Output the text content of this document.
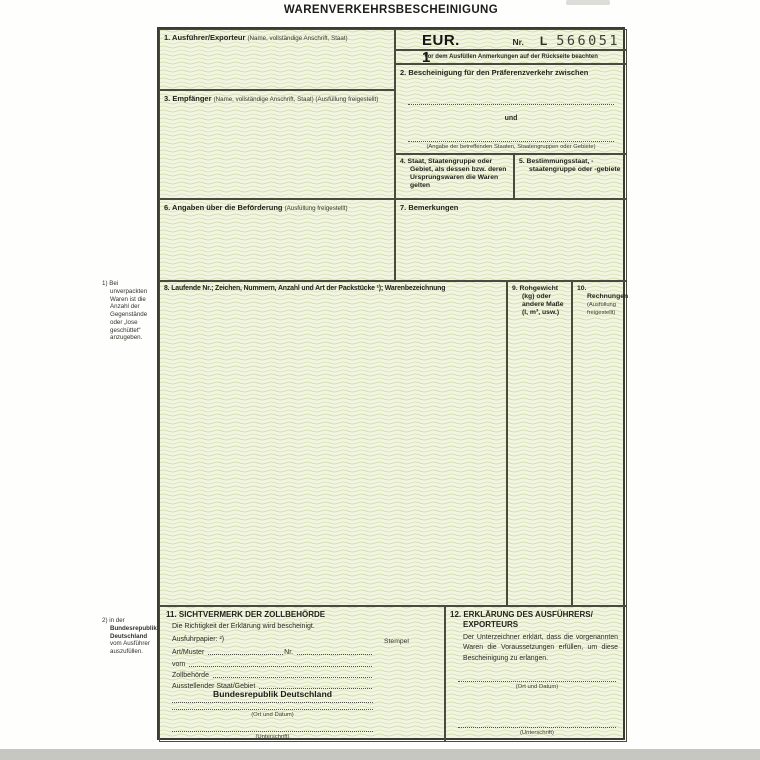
WARENVERKEHRSBESCHEINIGUNG
1. Ausführer/Exporteur (Name, vollständige Anschrift, Staat)	EUR. 1
Nr. L 566051
Vor dem Ausfüllen Anmerkungen auf der Rückseite beachten
2. Bescheinigung für den Präferenzverkehr zwischen
und
(Angabe der betreffenden Staaten, Staatengruppen oder Gebiete)
3. Empfänger (Name, vollständige Anschrift, Staat) (Ausfüllung freigestellt)
4. Staat, Staatengruppe oder Gebiet, als dessen bzw. deren Ursprungswaren die Waren gelten
5. Bestimmungsstaat, -staatengruppe oder -gebiete
6. Angaben über die Beförderung (Ausfüllung freigestellt)	7. Bemerkungen
8. Laufende Nr.; Zeichen, Nummern, Anzahl und Art der Packstücke ¹); Warenbezeichnung	9. Rohgewicht (kg) oder andere Maße (l, m³, usw.)
10. Rechnungen (Ausfüllung freigestellt)
11. SICHTVERMERK DER ZOLLBEHÖRDE
Die Richtigkeit der Erklärung wird bescheinigt.
Ausfuhrpapier: ²)	Stempel
Art/Muster	Nr.
vom
Zollbehörde
Ausstellender Staat/Gebiet
Bundesrepublik Deutschland
(Ort und Datum)
(Unterschrift)
12. ERKLÄRUNG DES AUSFÜHRERS/
EXPORTEURS
Der Unterzeichner erklärt, dass die vorgenannten Waren die Voraussetzungen erfüllen, um diese Bescheinigung zu erlangen.
(Ort und Datum)
(Unterschrift)
1) Bei unverpackten Waren ist die Anzahl der Gegenstände oder „lose geschüttet“ anzugeben.
2) in der Bundesrepublik Deutschland vom Ausführer auszufüllen.
